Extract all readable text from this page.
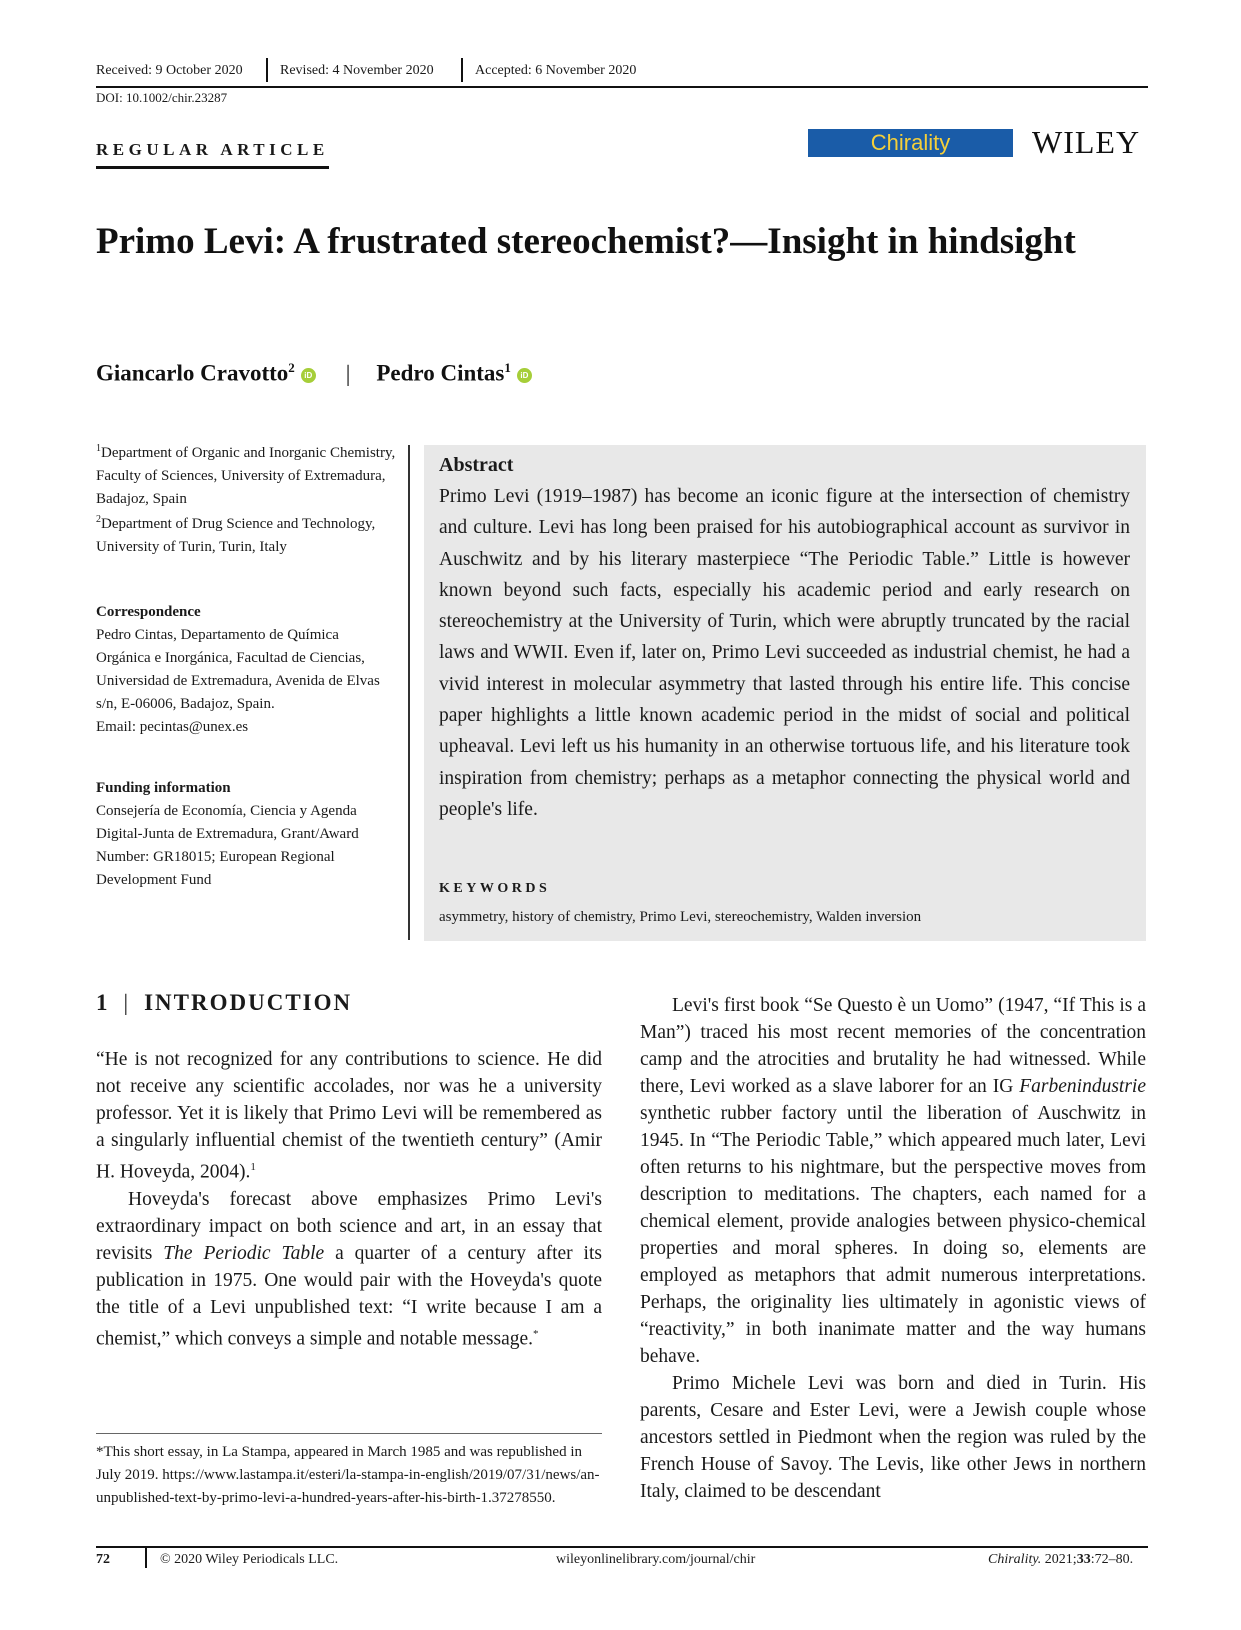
Received: 9 October 2020	Revised: 4 November 2020	Accepted: 6 November 2020
DOI: 10.1002/chir.23287
REGULAR ARTICLE	Chirality	WILEY
Primo Levi: A frustrated stereochemist?—Insight in hindsight
Giancarlo Cravotto$^2$iD | Pedro Cintas$^1$iD
$^1$Department of Organic and Inorganic Chemistry, Faculty of Sciences, University of Extremadura, Badajoz, Spain
$^2$Department of Drug Science and Technology, University of Turin, Turin, Italy
Correspondence
Pedro Cintas, Departamento de Química Orgánica e Inorgánica, Facultad de Ciencias, Universidad de Extremadura, Avenida de Elvas s/n, E-06006, Badajoz, Spain.
Email: pecintas@unex.es
Funding information
Consejería de Economía, Ciencia y Agenda Digital-Junta de Extremadura, Grant/Award Number: GR18015; European Regional Development Fund
Abstract
Primo Levi (1919–1987) has become an iconic figure at the intersection of chemistry and culture. Levi has long been praised for his autobiographical account as survivor in Auschwitz and by his literary masterpiece “The Periodic Table.” Little is however known beyond such facts, especially his academic period and early research on stereochemistry at the University of Turin, which were abruptly truncated by the racial laws and WWII. Even if, later on, Primo Levi succeeded as industrial chemist, he had a vivid interest in molecular asymmetry that lasted through his entire life. This concise paper highlights a little known academic period in the midst of social and political upheaval. Levi left us his humanity in an otherwise tortuous life, and his literature took inspiration from chemistry; perhaps as a metaphor connecting the physical world and people's life.
KEYWORDS
asymmetry, history of chemistry, Primo Levi, stereochemistry, Walden inversion
1 | INTRODUCTION

“He is not recognized for any contributions to science. He did not receive any scientific accolades, nor was he a university professor. Yet it is likely that Primo Levi will be remembered as a singularly influential chemist of the twentieth century” (Amir H. Hoveyda, 2004).$^1$

Hoveyda's forecast above emphasizes Primo Levi's extraordinary impact on both science and art, in an essay that revisits The Periodic Table a quarter of a century after its publication in 1975. One would pair with the Hoveyda's quote the title of a Levi unpublished text: “I write because I am a chemist,” which conveys a simple and notable message.*

Levi's first book “Se Questo è un Uomo” (1947, “If This is a Man”) traced his most recent memories of the concentration camp and the atrocities and brutality he had witnessed. While there, Levi worked as a slave laborer for an IG Farbenindustrie synthetic rubber factory until the liberation of Auschwitz in 1945. In “The Periodic Table,” which appeared much later, Levi often returns to his nightmare, but the perspective moves from description to meditations. The chapters, each named for a chemical element, provide analogies between physico-chemical properties and moral spheres. In doing so, elements are employed as metaphors that admit numerous interpretations. Perhaps, the originality lies ultimately in agonistic views of “reactivity,” in both inanimate matter and the way humans behave.

Primo Michele Levi was born and died in Turin. His parents, Cesare and Ester Levi, were a Jewish couple whose ancestors settled in Piedmont when the region was ruled by the French House of Savoy. The Levis, like other Jews in northern Italy, claimed to be descendant

*This short essay, in La Stampa, appeared in March 1985 and was republished in July 2019. https://www.lastampa.it/esteri/la-stampa-in-english/2019/07/31/news/an-unpublished-text-by-primo-levi-a-hundred-years-after-his-birth-1.37278550.
72	© 2020 Wiley Periodicals LLC.	wileyonlinelibrary.com/journal/chir	Chirality. 2021;33:72–80.
